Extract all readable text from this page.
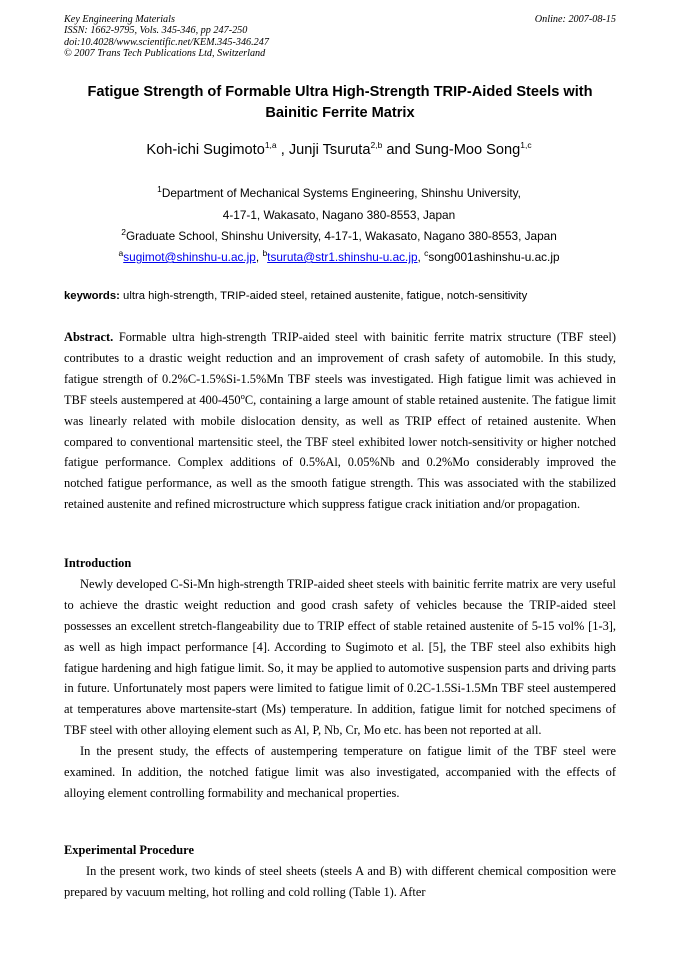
Key Engineering Materials	Online: 2007-08-15
ISSN: 1662-9795, Vols. 345-346, pp 247-250
doi:10.4028/www.scientific.net/KEM.345-346.247
© 2007 Trans Tech Publications Ltd, Switzerland
Fatigue Strength of Formable Ultra High-Strength TRIP-Aided Steels with
Bainitic Ferrite Matrix
Koh-ichi Sugimoto$^{1,a}$ , Junji Tsuruta$^{2,b}$ and Sung-Moo Song$^{1,c}$
$^1$Department of Mechanical Systems Engineering, Shinshu University,
4-17-1, Wakasato, Nagano 380-8553, Japan
$^2$Graduate School, Shinshu University, 4-17-1, Wakasato, Nagano 380-8553, Japan
$^a$sugimot@shinshu-u.ac.jp, $^b$tsuruta@str1.shinshu-u.ac.jp, $^c$song001ashinshu-u.ac.jp
keywords: ultra high-strength, TRIP-aided steel, retained austenite, fatigue, notch-sensitivity

Abstract. Formable ultra high-strength TRIP-aided steel with bainitic ferrite matrix structure (TBF steel) contributes to a drastic weight reduction and an improvement of crash safety of automobile. In this study, fatigue strength of 0.2%C-1.5%Si-1.5%Mn TBF steels was investigated. High fatigue limit was achieved in TBF steels austempered at 400-450$^o$C, containing a large amount of stable retained austenite. The fatigue limit was linearly related with mobile dislocation density, as well as TRIP effect of retained austenite. When compared to conventional martensitic steel, the TBF steel exhibited lower notch-sensitivity or higher notched fatigue performance. Complex additions of 0.5%Al, 0.05%Nb and 0.2%Mo considerably improved the notched fatigue performance, as well as the smooth fatigue strength. This was associated with the stabilized retained austenite and refined microstructure which suppress fatigue crack initiation and/or propagation.

Introduction

Newly developed C-Si-Mn high-strength TRIP-aided sheet steels with bainitic ferrite matrix are very useful to achieve the drastic weight reduction and good crash safety of vehicles because the TRIP-aided steel possesses an excellent stretch-flangeability due to TRIP effect of stable retained austenite of 5-15 vol% [1-3], as well as high impact performance [4]. According to Sugimoto et al. [5], the TBF steel also exhibits high fatigue hardening and high fatigue limit. So, it may be applied to automotive suspension parts and driving parts in future. Unfortunately most papers were limited to fatigue limit of 0.2C-1.5Si-1.5Mn TBF steel austempered at temperatures above martensite-start (Ms) temperature. In addition, fatigue limit for notched specimens of TBF steel with other alloying element such as Al, P, Nb, Cr, Mo etc. has been not reported at all.

In the present study, the effects of austempering temperature on fatigue limit of the TBF steel were examined. In addition, the notched fatigue limit was also investigated, accompanied with the effects of alloying element controlling formability and mechanical properties.

Experimental Procedure

In the present work, two kinds of steel sheets (steels A and B) with different chemical composition were prepared by vacuum melting, hot rolling and cold rolling (Table 1). After
